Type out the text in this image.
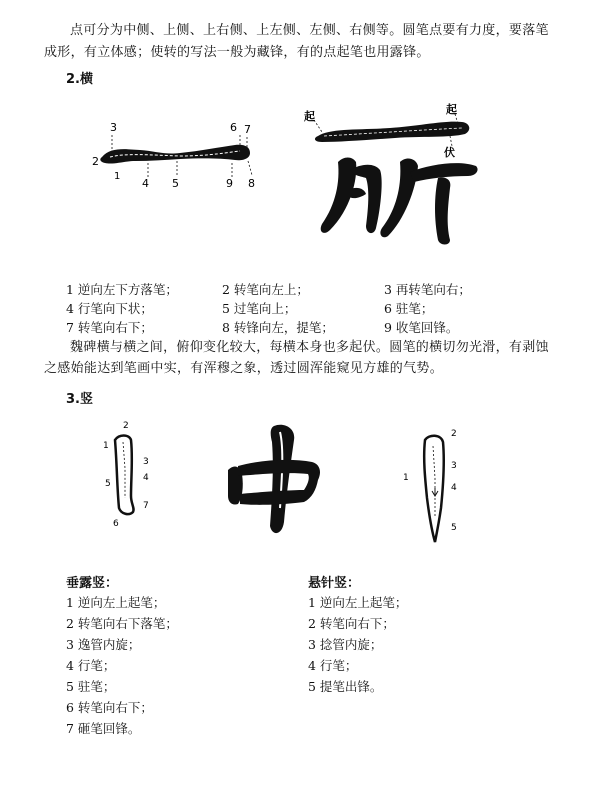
点可分为中侧、上侧、上右侧、上左侧、左侧、右侧等。圆笔点要有力度，要落笔
成形，有立体感；使转的写法一般为藏锋，有的点起笔也用露锋。
2.横
1
2
3
4 5
6 7
8
9
起
起
伏
1 逆向左下方落笔；	2 转笔向左上；	3 再转笔向右；
4 行笔向下状；	5 过笔向上；	6 驻笔；
7 转笔向右下；	8 转锋向左，提笔；	9 收笔回锋。
魏碑横与横之间，俯仰变化较大，每横本身也多起伏。圆笔的横切勿光滑，有剥蚀
之感始能达到笔画中实，有浑穆之象，透过圆浑能窥见方雄的气势。
3.竖
1
2
3
4
5
6
7
1
2
3
4
5
垂露竖：
1 逆向左上起笔；
2 转笔向右下落笔；
3 逸管内旋；
4 行笔；
5 驻笔；
6 转笔向右下；
7 砸笔回锋。
悬针竖：
1 逆向左上起笔；
2 转笔向右下；
3 捻管内旋；
4 行笔；
5 提笔出锋。
